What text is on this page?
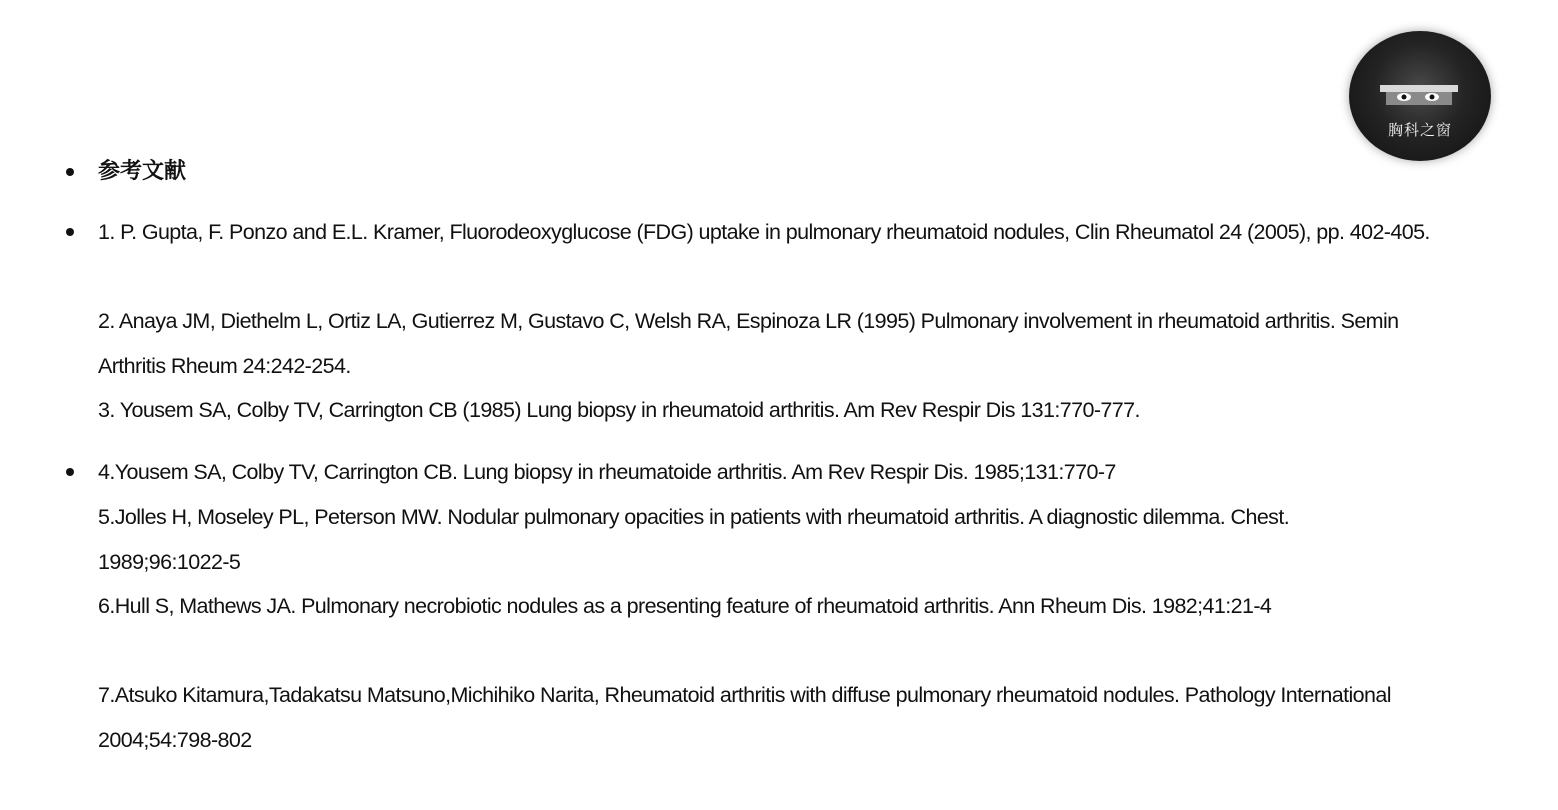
胸科之窗
参考文献
1. P. Gupta, F. Ponzo and E.L. Kramer, Fluorodeoxyglucose (FDG) uptake in pulmonary rheumatoid nodules, Clin Rheumatol 24 (2005), pp. 402-405.
2. Anaya JM, Diethelm L, Ortiz LA, Gutierrez M, Gustavo C, Welsh RA, Espinoza LR (1995) Pulmonary involvement in rheumatoid arthritis. Semin Arthritis Rheum 24:242-254.
3. Yousem SA, Colby TV, Carrington CB (1985) Lung biopsy in rheumatoid arthritis. Am Rev Respir Dis 131:770-777.
4.Yousem SA, Colby TV, Carrington CB. Lung biopsy in rheumatoide arthritis. Am Rev Respir Dis. 1985;131:770-7
5.Jolles H, Moseley PL, Peterson MW. Nodular pulmonary opacities in patients with rheumatoid arthritis. A diagnostic dilemma. Chest. 1989;96:1022-5
6.Hull S, Mathews JA. Pulmonary necrobiotic nodules as a presenting feature of rheumatoid arthritis. Ann Rheum Dis. 1982;41:21-4
7.Atsuko Kitamura,Tadakatsu Matsuno,Michihiko Narita, Rheumatoid arthritis with diffuse pulmonary rheumatoid nodules. Pathology International 2004;54:798-802
